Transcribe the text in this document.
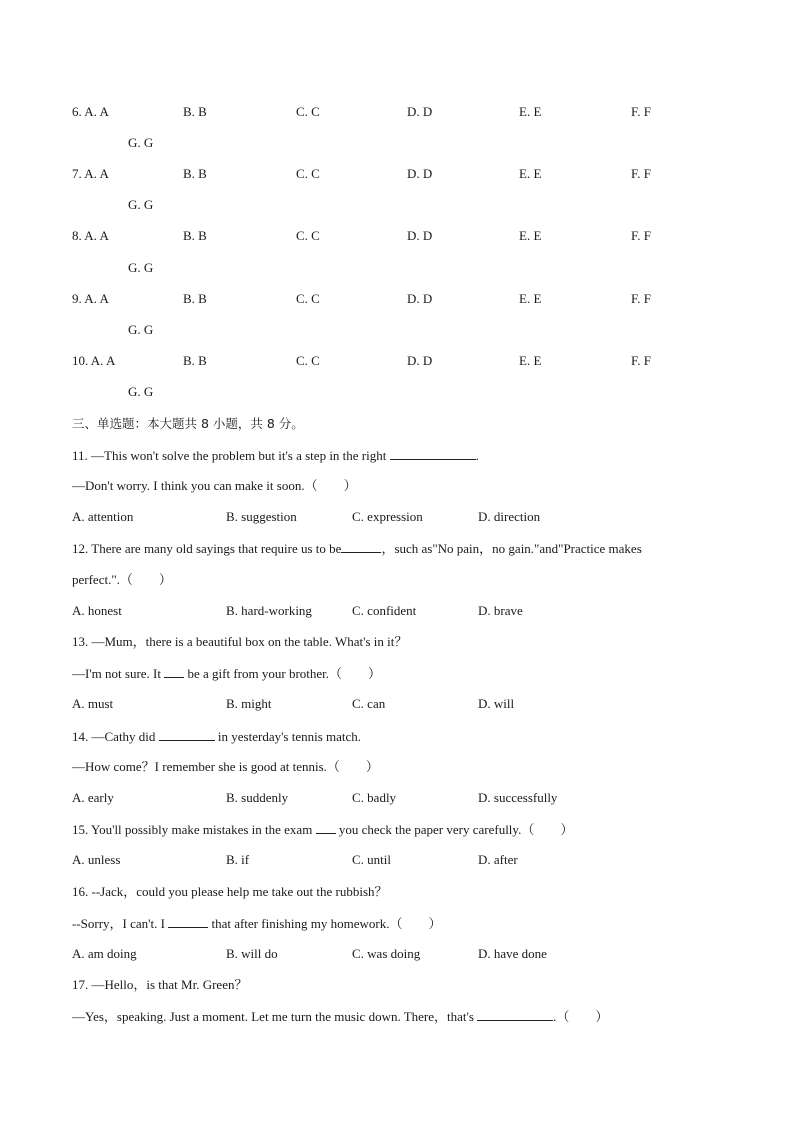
6. A. A	B. B	C. C	D. D	E. E	F. F
G. G
7. A. A	B. B	C. C	D. D	E. E	F. F
G. G
8. A. A	B. B	C. C	D. D	E. E	F. F
G. G
9. A. A	B. B	C. C	D. D	E. E	F. F
G. G
10. A. A	B. B	C. C	D. D	E. E	F. F
G. G
三、单选题：本大题共 8 小题，共 8 分。
11. —This won't solve the problem but it's a step in the right	.
—Don't worry. I think you can make it soon.（　　）
A. attention	B. suggestion	C. expression	D. direction
12. There are many old sayings that require us to be	，such as"No pain，no gain."and"Practice makes
perfect.".（　　）
A. honest	B. hard-working	C. confident	D. brave
13. —Mum，there is a beautiful box on the table. What's in it？
—I'm not sure. It  be a gift from your brother.（　　）
A. must	B. might	C. can	D. will
14. —Cathy did	in yesterday's tennis match.
—How come？I remember she is good at tennis.（　　）
A. early	B. suddenly	C. badly	D. successfully
15. You'll possibly make mistakes in the exam  you check the paper very carefully.（　　）
A. unless	B. if	C. until	D. after
16. --Jack，could you please help me take out the rubbish？
--Sorry，I can't. I	that after finishing my homework.（　　）
A. am doing	B. will do	C. was doing	D. have done
17. —Hello，is that Mr. Green？
—Yes，speaking. Just a moment. Let me turn the music down. There，that's	.（　　）
